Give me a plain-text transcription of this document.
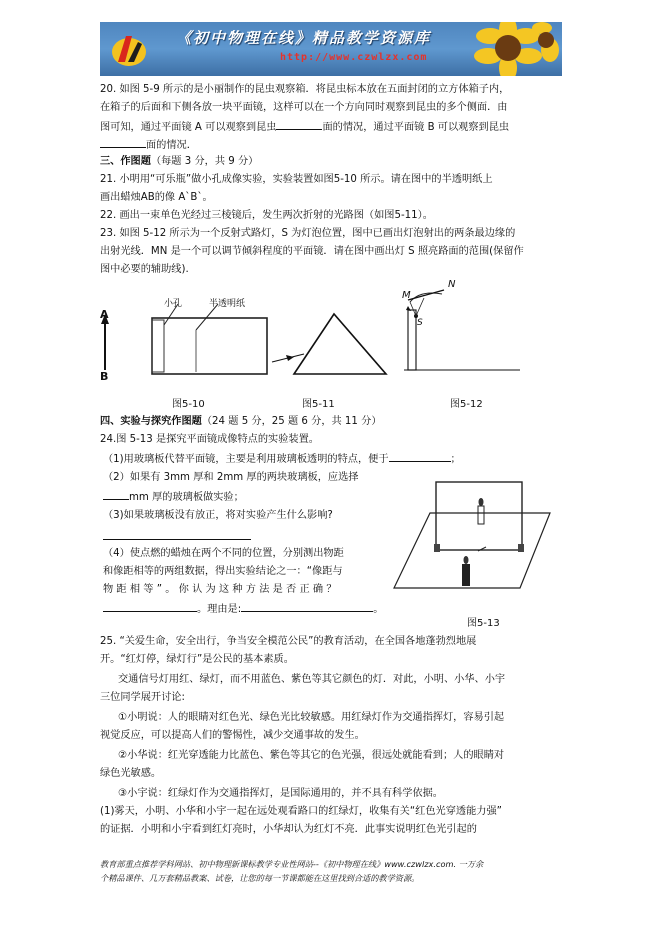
《初中物理在线》精品教学资源库
http://www.czwlzx.com
20. 如图 5-9 所示的是小丽制作的昆虫观察箱．将昆虫标本放在五面封闭的立方体箱子内，
在箱子的后面和下侧各放一块平面镜，这样可以在一个方向同时观察到昆虫的多个侧面．由
图可知，通过平面镜 A 可以观察到昆虫	面的情况，通过平面镜 B 可以观察到昆虫
面的情况．
三、作图题（每题 3 分，共 9 分）
21. 小明用“可乐瓶”做小孔成像实验，实验装置如图5-10 所示。请在图中的半透明纸上
画出蜡烛AB的像 A`B`。
22. 画出一束单色光经过三棱镜后，发生两次折射的光路图（如图5-11）。
23. 如图 5-12 所示为一个反射式路灯，S 为灯泡位置，图中已画出灯泡射出的两条最边缘的
出射光线．MN 是一个可以调节倾斜程度的平面镜．请在图中画出灯 S 照亮路面的范围(保留作
图中必要的辅助线).
A
B
小孔	半透明纸
图5-10	图5-11
M
N
S
图5-12
四、实验与探究作图题（24 题 5 分，25 题 6 分，共 11 分）
24.图 5-13 是探究平面镜成像特点的实验装置。
（1)用玻璃板代替平面镜，主要是利用玻璃板透明的特点，便于	；
（2）如果有 3mm 厚和 2mm 厚的两块玻璃板，应选择
mm 厚的玻璃板做实验；
（3)如果玻璃板没有放正，将对实验产生什么影响?
（4）使点燃的蜡烛在两个不同的位置，分别测出物距
和像距相等的两组数据，得出实验结论之一：“像距与
物 距 相 等 ” 。 你 认 为 这 种 方 法 是 否 正 确 ？
。理由是:	。
图5-13
25. “关爱生命，安全出行，争当安全模范公民”的教育活动，在全国各地蓬勃烈地展
开。“红灯停，绿灯行”是公民的基本素质。
交通信号灯用红、绿灯，而不用蓝色、紫色等其它颜色的灯．对此，小明、小华、小宇
三位同学展开讨论:
①小明说：人的眼睛对红色光、绿色光比较敏感。用红绿灯作为交通指挥灯，容易引起
视觉反应，可以提高人们的警惕性，减少交通事故的发生。
②小华说：红光穿透能力比蓝色、紫色等其它的色光强，很远处就能看到；人的眼睛对
绿色光敏感。
③小宇说：红绿灯作为交通指挥灯，是国际通用的，并不具有科学依据。
(1)雾天，小明、小华和小宇一起在远处观看路口的红绿灯，收集有关“红色光穿透能力强”
的证据．小明和小宇看到红灯亮时，小华却认为红灯不亮．此事实说明红色光引起的
教育部重点推荐学科网站、初中物理新课标教学专业性网站--《初中物理在线》www.czwlzx.com. 一万余
个精品课件、几万套精品教案、试卷，让您的每一节课都能在这里找到合适的教学资源。
